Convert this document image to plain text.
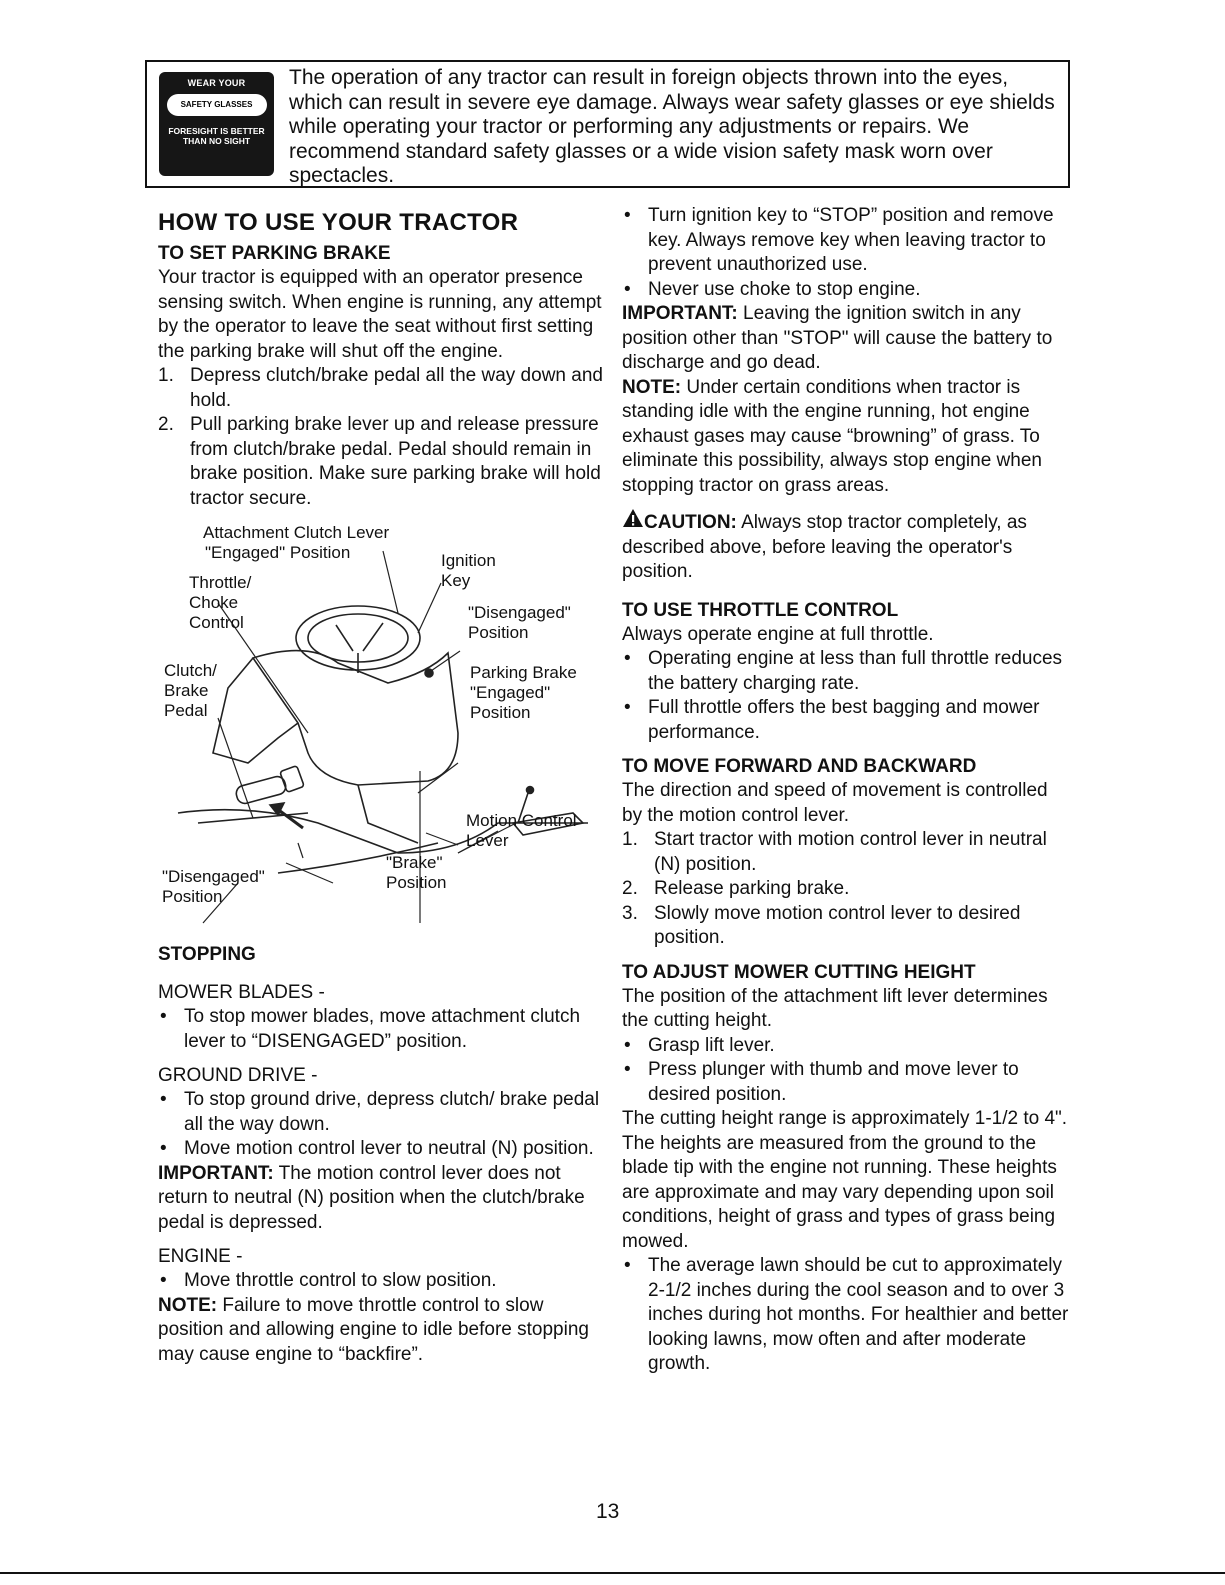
WEAR YOUR
SAFETY GLASSES
FORESIGHT IS BETTER
THAN NO SIGHT
The operation of any tractor can result in foreign objects thrown into the eyes, which can result in severe eye damage. Always wear safety glasses or eye shields while operating your tractor or performing any adjustments or repairs. We recommend standard safety glasses or a wide vision safety mask worn over spectacles.
HOW TO USE YOUR TRACTOR
TO SET PARKING BRAKE

Your tractor is equipped with an operator presence sensing switch. When engine is running, any attempt by the operator to leave the seat without first setting the parking brake will shut off the engine.

1. Depress clutch/brake pedal all the way down and hold.
2. Pull parking brake lever up and release pressure from clutch/brake pedal. Pedal should remain in brake position. Make sure parking brake will hold tractor secure.
Attachment Clutch Lever
"Engaged" Position	Ignition
Key
Throttle/
Choke
Control
"Disengaged"
Position
Clutch/
Brake
Pedal
Parking Brake
"Engaged"
Position
Motion Control
Lever
"Brake"
Position
"Disengaged"
Position
STOPPING

MOWER BLADES -

• To stop mower blades, move attachment clutch lever to “DISENGAGED” position.

GROUND DRIVE -

• To stop ground drive, depress clutch/ brake pedal all the way down.
• Move motion control lever to neutral (N) position.

IMPORTANT: The motion control lever does not return to neutral (N) position when the clutch/brake pedal is depressed.

ENGINE -

• Move throttle control to slow position.

NOTE: Failure to move throttle control to slow position and allowing engine to idle before stopping may cause engine to “backfire”.

• Turn ignition key to “STOP” position and remove key. Always remove key when leaving tractor to prevent unauthorized use.
• Never use choke to stop engine.

IMPORTANT: Leaving the ignition switch in any position other than "STOP" will cause the battery to discharge and go dead.

NOTE: Under certain conditions when tractor is standing idle with the engine running, hot engine exhaust gases may cause “browning” of grass. To eliminate this possibility, always stop engine when stopping tractor on grass areas.

CAUTION: Always stop tractor completely, as described above, before leaving the operator's position.

TO USE THROTTLE CONTROL

Always operate engine at full throttle.

• Operating engine at less than full throttle reduces the battery charging rate.
• Full throttle offers the best bagging and mower performance.
TO MOVE FORWARD AND BACKWARD

The direction and speed of movement is controlled by the motion control lever.

1. Start tractor with motion control lever in neutral (N) position.
2. Release parking brake.
3. Slowly move motion control lever to desired position.
TO ADJUST MOWER CUTTING HEIGHT

The position of the attachment lift lever determines the cutting height.

• Grasp lift lever.
• Press plunger with thumb and move lever to desired position.

The cutting height range is approximately 1-1/2 to 4". The heights are measured from the ground to the blade tip with the engine not running. These heights are approximate and may vary depending upon soil conditions, height of grass and types of grass being mowed.

• The average lawn should be cut to approximately 2-1/2 inches during the cool season and to over 3 inches during hot months. For healthier and better looking lawns, mow often and after moderate growth.
13
